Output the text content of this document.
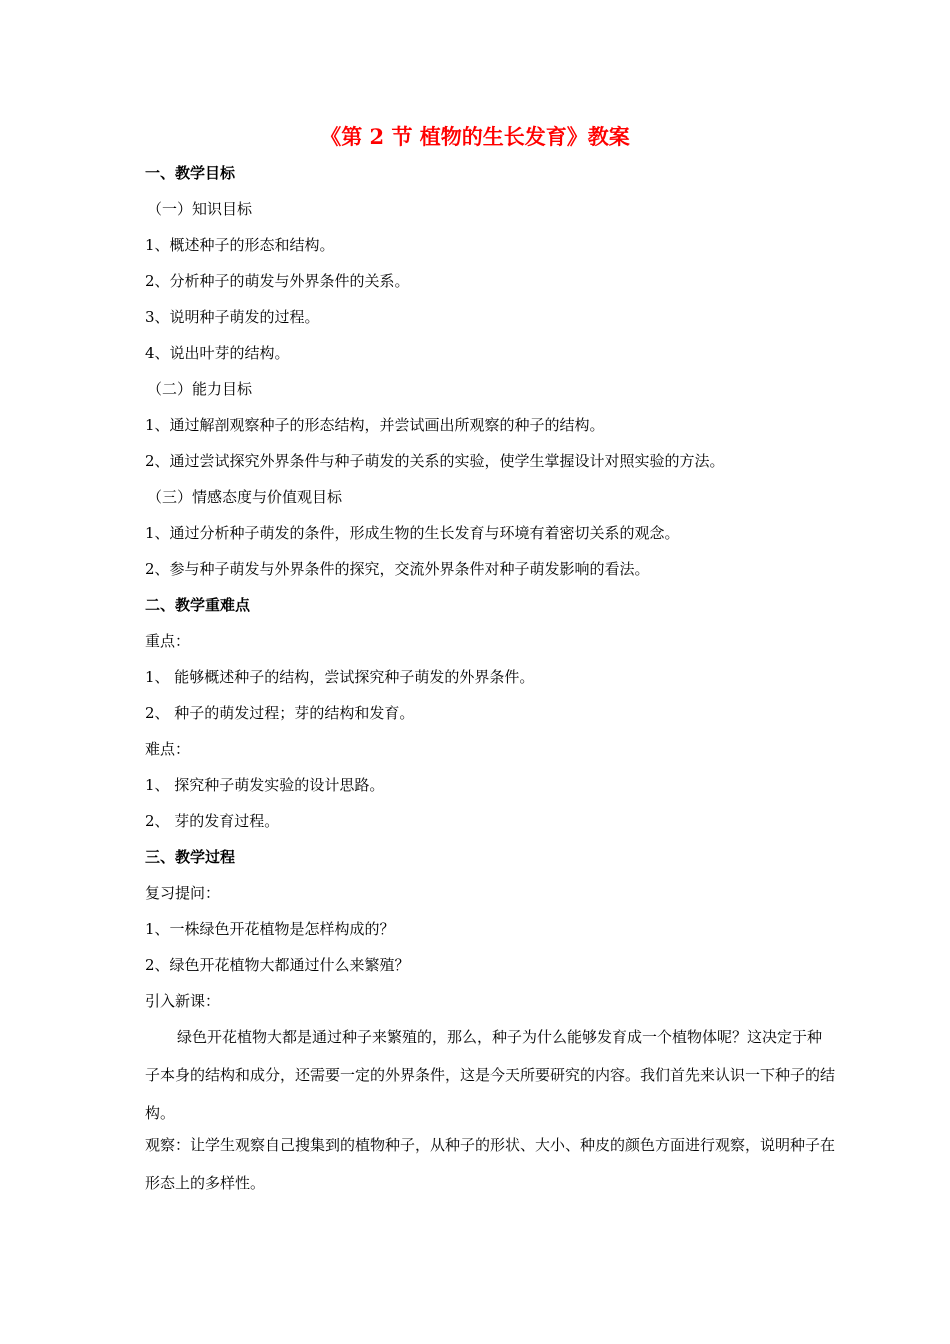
《第 2 节 植物的生长发育》教案
一、教学目标
（一）知识目标
1、概述种子的形态和结构。
2、分析种子的萌发与外界条件的关系。
3、说明种子萌发的过程。
4、说出叶芽的结构。
（二）能力目标
1、通过解剖观察种子的形态结构，并尝试画出所观察的种子的结构。
2、通过尝试探究外界条件与种子萌发的关系的实验，使学生掌握设计对照实验的方法。
（三）情感态度与价值观目标
1、通过分析种子萌发的条件，形成生物的生长发育与环境有着密切关系的观念。
2、参与种子萌发与外界条件的探究，交流外界条件对种子萌发影响的看法。
二、教学重难点
重点：
1、 能够概述种子的结构，尝试探究种子萌发的外界条件。
2、 种子的萌发过程；芽的结构和发育。
难点：
1、 探究种子萌发实验的设计思路。
2、 芽的发育过程。
三、教学过程
复习提问：
1、一株绿色开花植物是怎样构成的？
2、绿色开花植物大都通过什么来繁殖？
引入新课：
绿色开花植物大都是通过种子来繁殖的，那么，种子为什么能够发育成一个植物体呢？这决定于种子本身的结构和成分，还需要一定的外界条件，这是今天所要研究的内容。我们首先来认识一下种子的结构。
观察：让学生观察自己搜集到的植物种子，从种子的形状、大小、种皮的颜色方面进行观察，说明种子在形态上的多样性。
